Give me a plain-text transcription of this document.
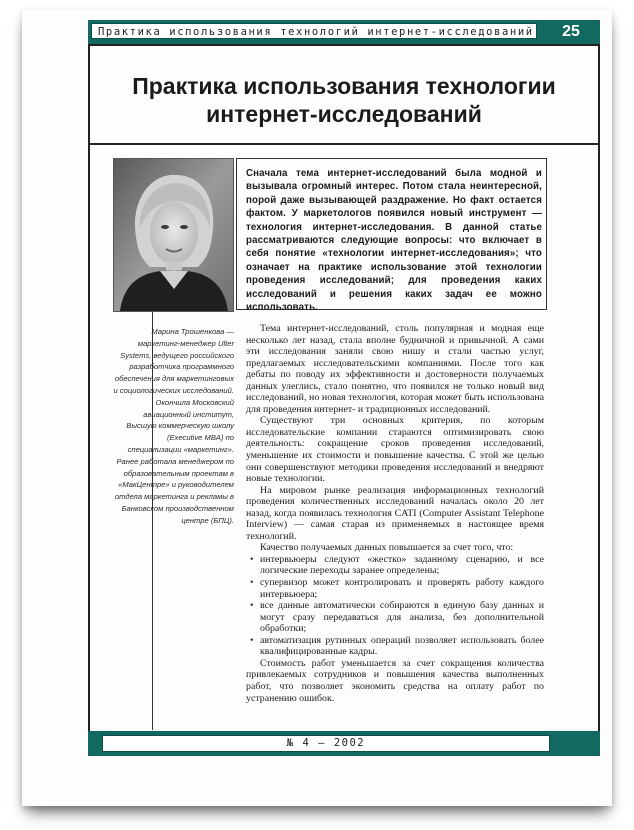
Практика использования технологий интернет-исследований	25
Практика использования технологии
интернет-исследований

Сначала тема интернет-исследований была модной и вызывала огромный интерес. Потом стала неинтересной, порой даже вызывающей раздражение. Но факт остается фактом. У маркетологов появился новый инструмент — технология интернет-исследования. В данной статье рассматриваются следующие вопросы: что включает в себя понятие «технологии интернет-исследования»; что означает на практике использование этой технологии проведения исследований; для проведения каких исследований и решения каких задач ее можно использовать.

Марина Трошенкова — маркетинг-менеджер Ulter Systems, ведущего российского разработчика программного обеспечения для маркетинговых и социологических исследований. Окончила Московский авиационный институт, Высшую коммерческую школу (Executive MBA) по специализации «маркетинг». Ранее работала менеджером по образовательным проектам в «МакЦентре» и руководителем отдела маркетинга и рекламы в Банковском производственном центре (БПЦ).

Тема интернет-исследований, столь популярная и модная еще несколько лет назад, стала вполне будничной и привычной. А сами эти исследования заняли свою нишу и стали частью услуг, предлагаемых исследовательскими компаниями. После того как дебаты по поводу их эффективности и достоверности получаемых данных улеглись, стало понятно, что появился не только новый вид исследований, но новая технология, которая может быть использована для проведения интернет- и традиционных исследований.

Существуют три основных критерия, по которым исследовательские компании стараются оптимизировать свою деятельность: сокращение сроков проведения исследований, уменьшение их стоимости и повышение качества. С этой же целью они совершенствуют методики проведения исследований и внедряют новые технологии.

На мировом рынке реализация информационных технологий проведения количественных исследований началась около 20 лет назад, когда появилась технология CATI (Computer Assistant Telephone Interview) — самая старая из применяемых в настоящее время технологий.

Качество получаемых данных повышается за счет того, что:

• интервьюеры следуют «жестко» заданному сценарию, и все логические переходы заранее определены;
• супервизор может контролировать и проверять работу каждого интервьюера;
• все данные автоматически собираются в единую базу данных и могут сразу передаваться для анализа, без дополнительной обработки;
• автоматизация рутинных операций позволяет использовать более квалифицированные кадры.

Стоимость работ уменьшается за счет сокращения количества привлекаемых сотрудников и повышения качества выполненных работ, что позволяет экономить средства на оплату работ по устранению ошибок.

№ 4 – 2002
